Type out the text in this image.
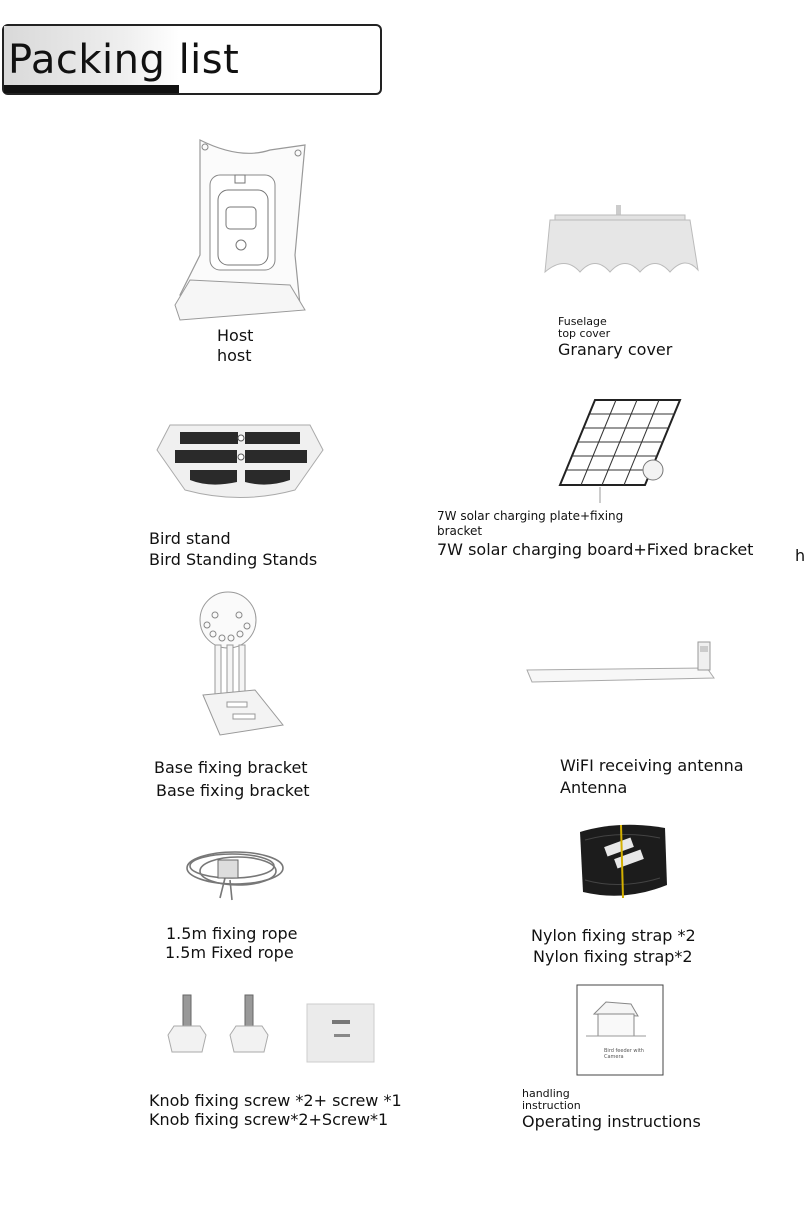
Packing list
Host
host
Fuselage top cover
Granary cover
Bird stand
Bird Standing Stands
7W solar charging plate+fixing bracket
7W solar charging board+Fixed bracket	h
Base fixing bracket
Base fixing bracket
WiFI receiving antenna
Antenna
1.5m fixing rope
1.5m Fixed rope
Nylon fixing strap *2
Nylon fixing strap*2
Knob fixing screw *2+ screw *1
Knob fixing screw*2+Screw*1
Bird feeder with Camera
handling instruction
Operating instructions
